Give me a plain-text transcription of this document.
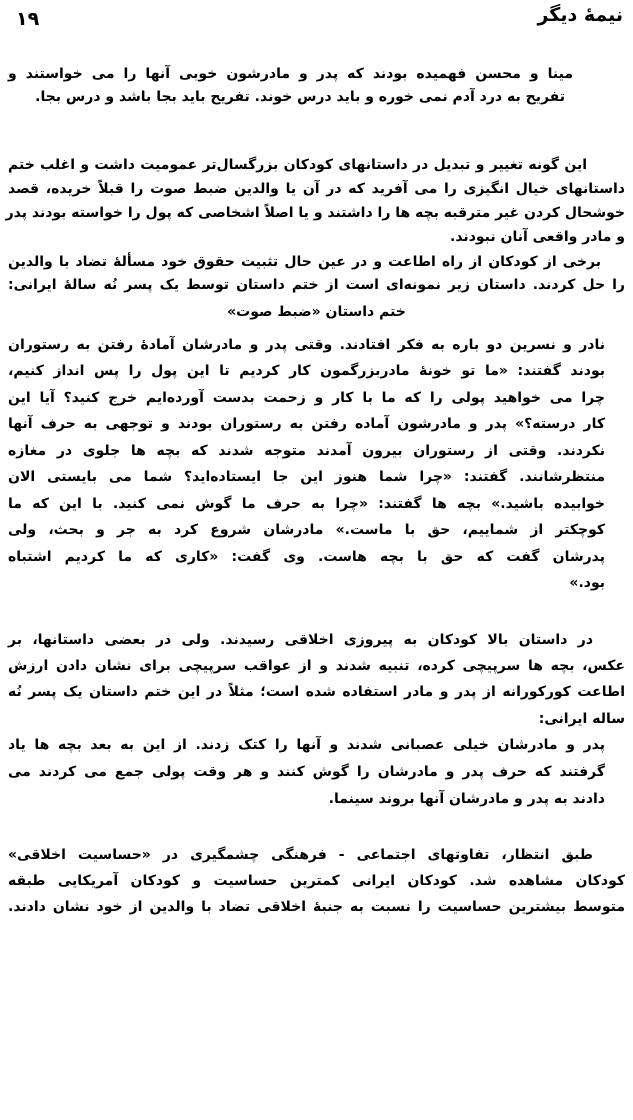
نیمهٔ دیگر
۱۹
مینا و محسن فهمیده بودند که پدر و مادرشون خوبی آنها را می خواستند و
تفریح به درد آدم نمی خوره و باید درس خوند. تفریح باید بجا باشد و درس بجا.
این گونه تغییر و تبدیل در داستانهای کودکان بزرگسال‌تر عمومیت داشت و اغلب ختم
داستانهای خیال انگیزی را می آفرید که در آن یا والدین ضبط صوت را قبلاً خریده، قصد
خوشحال کردن غیر مترقبه بچه ها را داشتند و یا اصلاً اشخاصی که پول را خواسته بودند پدر
و مادر واقعی آنان نبودند.
برخی از کودکان از راه اطاعت و در عین حال تثبیت حقوق خود مسألهٔ تضاد با والدین
را حل کردند. داستان زیر نمونه‌ای است از ختم داستان توسط یک پسر نُه سالهٔ ایرانی:
ختم داستان «ضبط صوت»
نادر و نسرین دو باره به فکر افتادند. وقتی پدر و مادرشان آمادهٔ رفتن به رستوران
بودند گفتند: «ما تو خونهٔ مادربزرگمون کار کردیم تا این پول را پس انداز کنیم،
چرا می خواهید پولی را که ما با کار و زحمت بدست آورده‌ایم خرج کنید؟ آیا این
کار درسته؟» پدر و مادرشون آماده رفتن به رستوران بودند و توجهی به حرف آنها
نکردند. وقتی از رستوران بیرون آمدند متوجه شدند که بچه ها جلوی در مغازه
منتظرشانند. گفتند: «چرا شما هنوز این جا ایستاده‌اید؟ شما می بایستی الان
خوابیده باشید.» بچه ها گفتند: «چرا به حرف ما گوش نمی کنید. با این که ما
کوچکتر از شماییم، حق با ماست.» مادرشان شروع کرد به جر و بحث، ولی
پدرشان گفت که حق با بچه هاست. وی گفت: «کاری که ما کردیم اشتباه
بود.»
در داستان بالا کودکان به پیروزی اخلاقی رسیدند. ولی در بعضی داستانها، بر
عکس، بچه ها سرپیچی کرده، تنبیه شدند و از عواقب سرپیچی برای نشان دادن ارزش
اطاعت کورکورانه از پدر و مادر استفاده شده است؛ مثلاً در این ختم داستان یک پسر نُه
ساله ایرانی:
پدر و مادرشان خیلی عصبانی شدند و آنها را کتک زدند. از این به بعد بچه ها یاد
گرفتند که حرف پدر و مادرشان را گوش کنند و هر وقت پولی جمع می کردند می
دادند به پدر و مادرشان آنها بروند سینما.
طبق انتظار، تفاوتهای اجتماعی - فرهنگی چشمگیری در «حساسیت اخلاقی»
کودکان مشاهده شد. کودکان ایرانی کمترین حساسیت و کودکان آمریکایی طبقه
متوسط بیشترین حساسیت را نسبت به جنبهٔ اخلاقی تضاد با والدین از خود نشان دادند.
